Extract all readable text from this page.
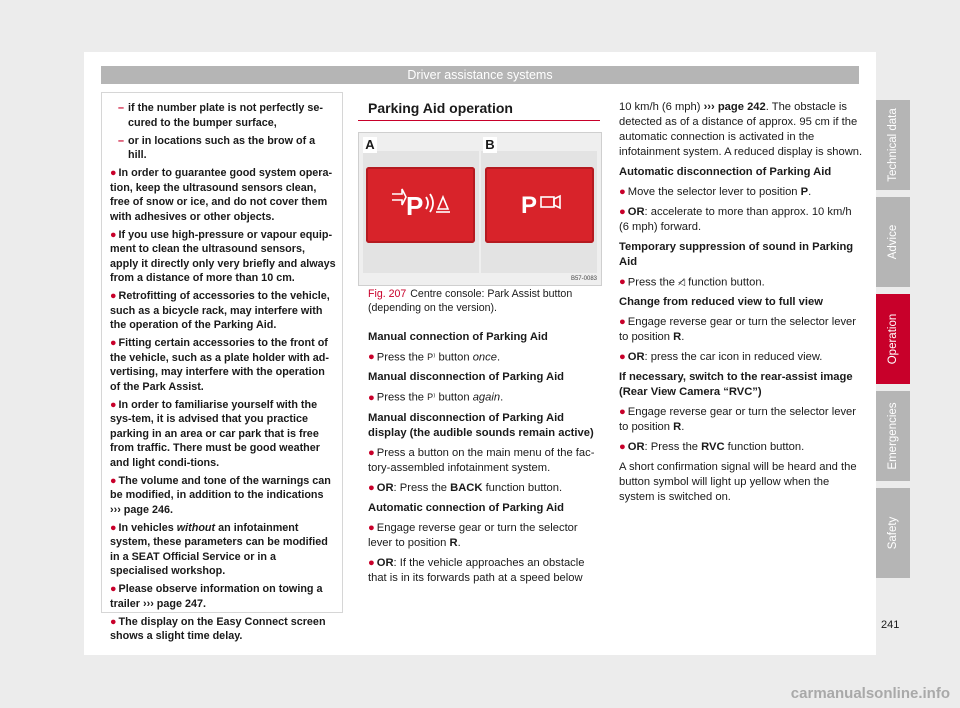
Driver assistance systems

– if the number plate is not perfectly se-cured to the bumper surface,

– or in locations such as the brow of a hill.

● In order to guarantee good system opera-tion, keep the ultrasound sensors clean, free of snow or ice, and do not cover them with adhesives or other objects.

● If you use high-pressure or vapour equip-ment to clean the ultrasound sensors, apply it directly only very briefly and always from a distance of more than 10 cm.

● Retrofitting of accessories to the vehicle, such as a bicycle rack, may interfere with the operation of the Parking Aid.

● Fitting certain accessories to the front of the vehicle, such as a plate holder with ad-vertising, may interfere with the operation of the Park Assist.

● In order to familiarise yourself with the sys-tem, it is advised that you practice parking in an area or car park that is free from traffic. There must be good weather and light condi-tions.

● The volume and tone of the warnings can be modified, in addition to the indications ››› page 246.

● In vehicles without an infotainment system, these parameters can be modified in a SEAT Official Service or in a specialised workshop.

● Please observe information on towing a trailer ››› page 247.

● The display on the Easy Connect screen shows a slight time delay.

Parking Aid operation
A	B
P	P
B57-0083
Fig. 207 Centre console: Park Assist button (depending on the version).

Manual connection of Parking Aid

● Press the P⁾ button once.

Manual disconnection of Parking Aid

● Press the P⁾ button again.

Manual disconnection of Parking Aid display (the audible sounds remain active)

● Press a button on the main menu of the fac-tory-assembled infotainment system.

● OR: Press the BACK function button.

Automatic connection of Parking Aid

● Engage reverse gear or turn the selector lever to position R.

● OR: If the vehicle approaches an obstacle that is in its forwards path at a speed below

10 km/h (6 mph) ››› page 242. The obstacle is detected as of a distance of approx. 95 cm if the automatic connection is activated in the infotainment system. A reduced display is shown.

Automatic disconnection of Parking Aid

● Move the selector lever to position P.

● OR: accelerate to more than approx. 10 km/h (6 mph) forward.

Temporary suppression of sound in Parking Aid

● Press the ◁̸ function button.

Change from reduced view to full view

● Engage reverse gear or turn the selector lever to position R.

● OR: press the car icon in reduced view.

If necessary, switch to the rear-assist image (Rear View Camera “RVC”)

● Engage reverse gear or turn the selector lever to position R.

● OR: Press the RVC function button.

A short confirmation signal will be heard and the button symbol will light up yellow when the system is switched on.

Technical data
Advice
Operation
Emergencies
Safety
241
carmanualsonline.info
